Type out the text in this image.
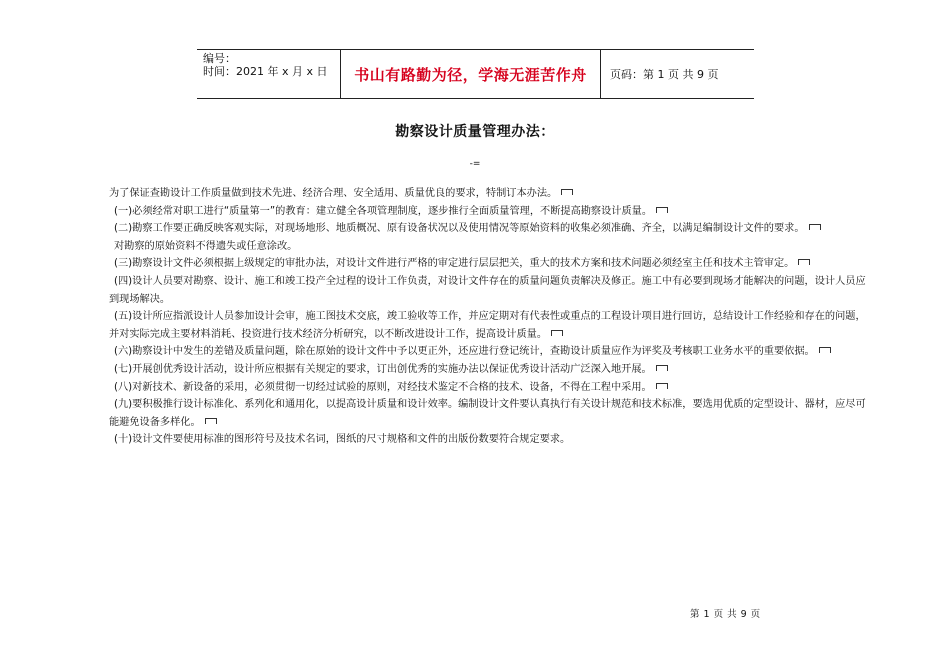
编号：
时间：2021 年 x 月 x 日	书山有路勤为径，学海无涯苦作舟 页码：第 1 页 共 9 页
勘察设计质量管理办法：
-=

为了保证查勘设计工作质量做到技术先进、经济合理、安全适用、质量优良的要求，特制订本办法。

(一)必须经常对职工进行“质量第一”的教育：建立健全各项管理制度，逐步推行全面质量管理，不断提高勘察设计质量。

(二)勘察工作要正确反映客观实际，对现场地形、地质概况、原有设备状况以及使用情况等原始资料的收集必须准确、齐全，以满足编制设计文件的要求。

对勘察的原始资料不得遗失或任意涂改。

(三)勘察设计文件必须根据上级规定的审批办法，对设计文件进行严格的审定进行层层把关，重大的技术方案和技术问题必须经室主任和技术主管审定。

(四)设计人员要对勘察、设计、施工和竣工投产全过程的设计工作负责，对设计文件存在的质量问题负责解决及修正。施工中有必要到现场才能解决的问题，设计人员应到现场解决。

(五)设计所应指派设计人员参加设计会审，施工图技术交底，竣工验收等工作，并应定期对有代表性或重点的工程设计项目进行回访，总结设计工作经验和存在的问题，并对实际完成主要材料消耗、投资进行技术经济分析研究，以不断改进设计工作，提高设计质量。

(六)勘察设计中发生的差错及质量问题，除在原始的设计文件中予以更正外，还应进行登记统计，查勘设计质量应作为评奖及考核职工业务水平的重要依据。

(七)开展创优秀设计活动，设计所应根据有关规定的要求，订出创优秀的实施办法以保证优秀设计活动广泛深入地开展。

(八)对新技术、新设备的采用，必须贯彻一切经过试验的原则，对经技术鉴定不合格的技术、设备，不得在工程中采用。

(九)要积极推行设计标准化、系列化和通用化，以提高设计质量和设计效率。编制设计文件要认真执行有关设计规范和技术标准，要选用优质的定型设计、器材，应尽可能避免设备多样化。

(十)设计文件要使用标准的图形符号及技术名词，图纸的尺寸规格和文件的出版份数要符合规定要求。

第 1 页 共 9 页
